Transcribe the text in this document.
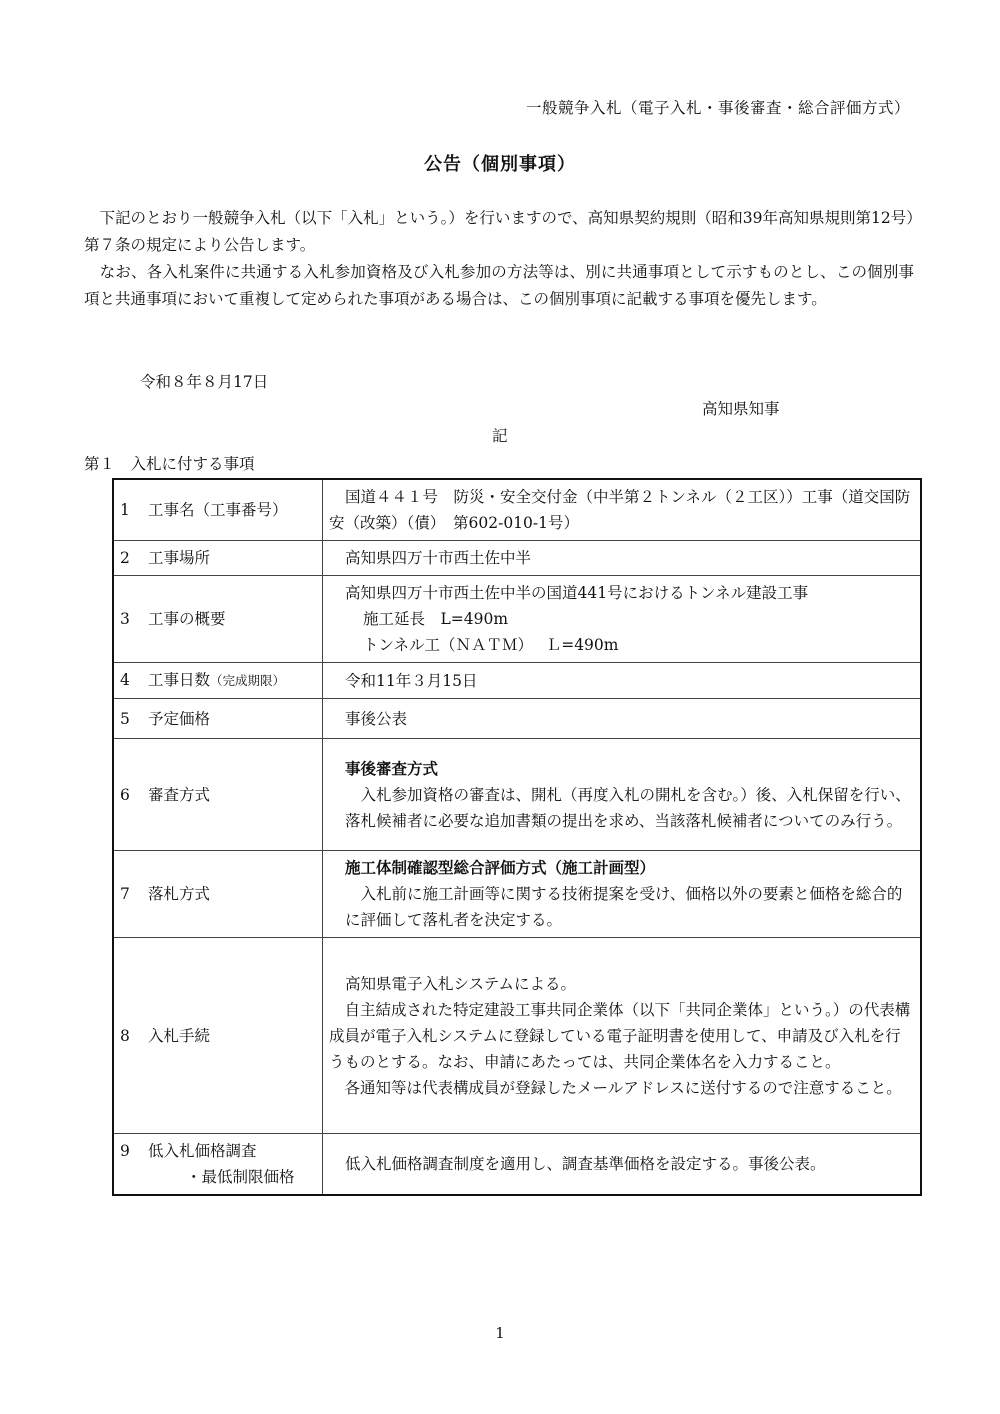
一般競争入札（電子入札・事後審査・総合評価方式）
公告（個別事項）
　下記のとおり一般競争入札（以下「入札」という。）を行いますので、高知県契約規則（昭和39年高知県規則第12号）第７条の規定により公告します。
　なお、各入札案件に共通する入札参加資格及び入札参加の方法等は、別に共通事項として示すものとし、この個別事項と共通事項において重複して定められた事項がある場合は、この個別事項に記載する事項を優先します。
令和８年８月17日
高知県知事
記
第１　入札に付する事項
1 工事名（工事番号）	国道４４１号　防災・安全交付金（中半第２トンネル（２工区））工事（道交国防安（改築）（債）　第602-010-1号）
2 工事場所	高知県四万十市西土佐中半
3 工事の概要	高知県四万十市西土佐中半の国道441号におけるトンネル建設工事
施工延長　L=490m
トンネル工（ＮＡＴＭ）　 Ｌ=490m

4 工事日数（完成期限）	令和11年３月15日
5 予定価格	事後公表
6 審査方式	事後審査方式
　入札参加資格の審査は、開札（再度入札の開札を含む。）後、入札保留を行い、落札候補者に必要な追加書類の提出を求め、当該落札候補者についてのみ行う。

7 落札方式	施工体制確認型総合評価方式（施工計画型）
　入札前に施工計画等に関する技術提案を受け、価格以外の要素と価格を総合的に評価して落札者を決定する。

8 入札手続	高知県電子入札システムによる。
　自主結成された特定建設工事共同企業体（以下「共同企業体」という。）の代表構成員が電子入札システムに登録している電子証明書を使用して、申請及び入札を行うものとする。なお、申請にあたっては、共同企業体名を入力すること。
　各通知等は代表構成員が登録したメールアドレスに送付するので注意すること。

9 低入札価格調査
・最低制限価格	低入札価格調査制度を適用し、調査基準価格を設定する。事後公表。
1
